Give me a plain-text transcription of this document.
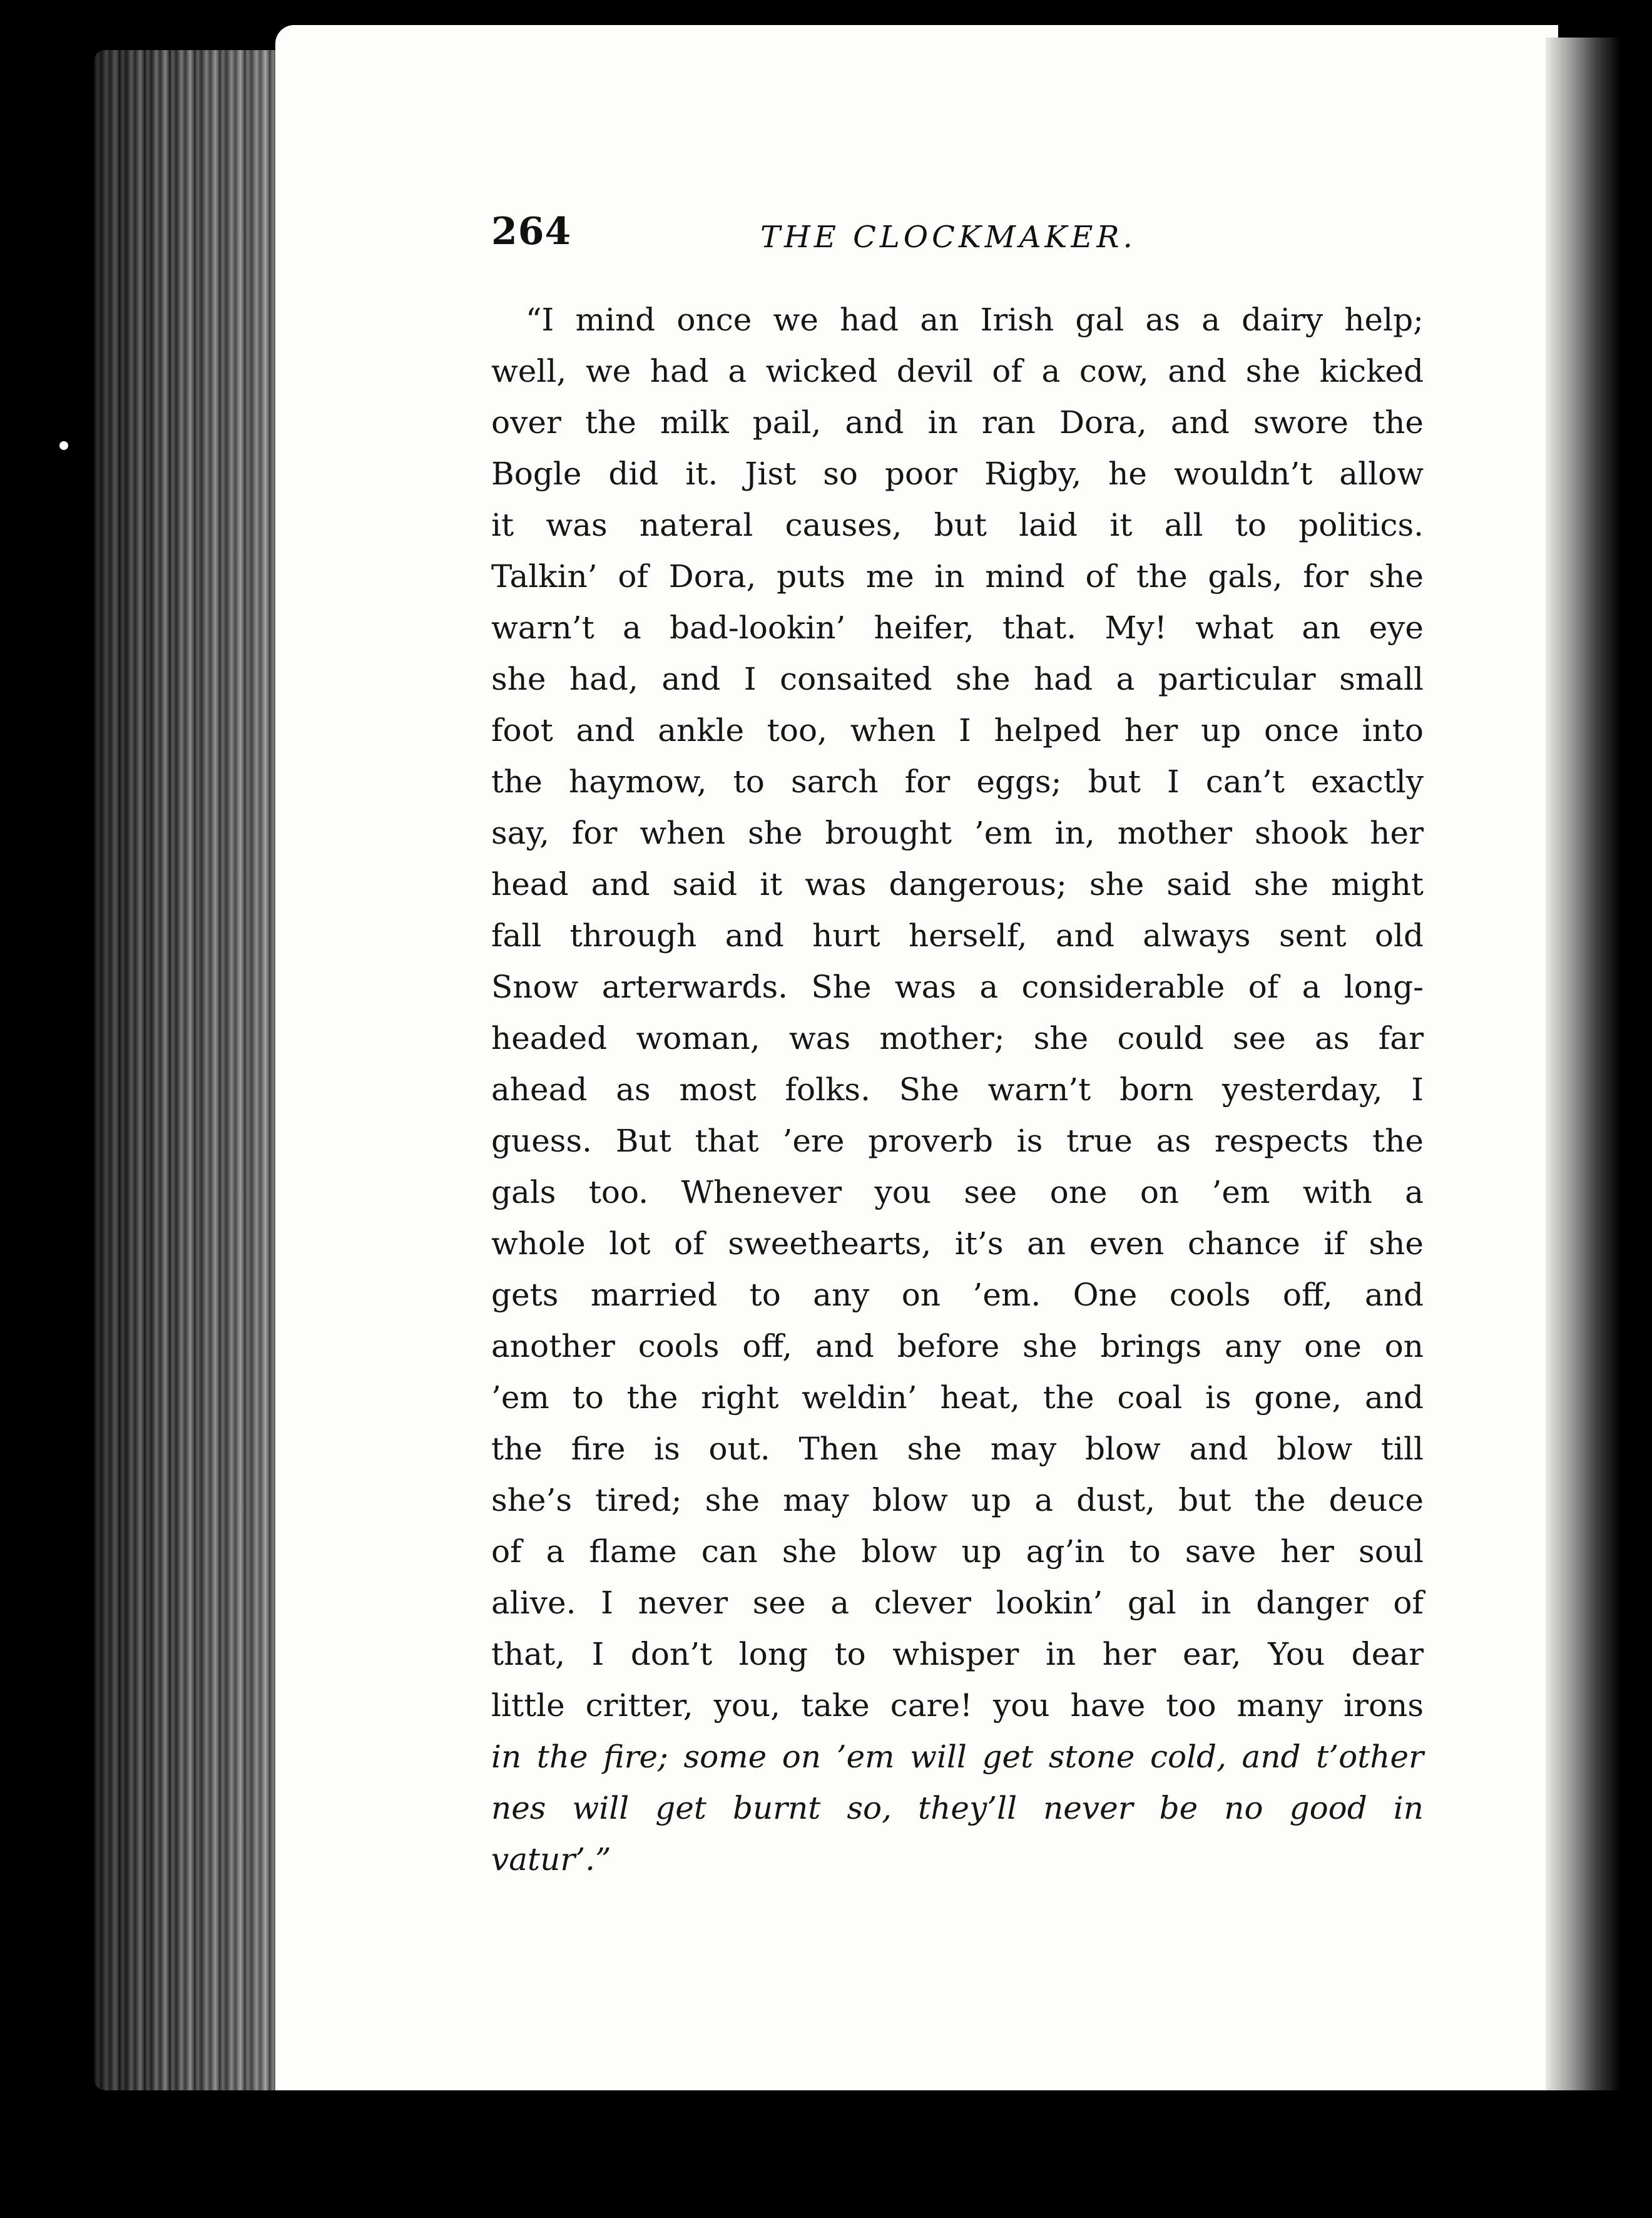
264	THE CLOCKMAKER.
“I mind once we had an Irish gal as a dairy help;
well, we had a wicked devil of a cow, and she kicked
over the milk pail, and in ran Dora, and swore the
Bogle did it. Jist so poor Rigby, he wouldn’t allow
it was nateral causes, but laid it all to politics.
Talkin’ of Dora, puts me in mind of the gals, for she
warn’t a bad-lookin’ heifer, that. My! what an eye
she had, and I consaited she had a particular small
foot and ankle too, when I helped her up once into
the haymow, to sarch for eggs; but I can’t exactly
say, for when she brought ’em in, mother shook her
head and said it was dangerous; she said she might
fall through and hurt herself, and always sent old
Snow arterwards. She was a considerable of a long-
headed woman, was mother; she could see as far
ahead as most folks. She warn’t born yesterday, I
guess. But that ’ere proverb is true as respects the
gals too. Whenever you see one on ’em with a
whole lot of sweethearts, it’s an even chance if she
gets married to any on ’em. One cools off, and
another cools off, and before she brings any one on
’em to the right weldin’ heat, the coal is gone, and
the fire is out. Then she may blow and blow till
she’s tired; she may blow up a dust, but the deuce
of a flame can she blow up ag’in to save her soul
alive. I never see a clever lookin’ gal in danger of
that, I don’t long to whisper in her ear, You dear
little critter, you, take care! you have too many irons
in the fire; some on ’em will get stone cold, and t’other
nes will get burnt so, they’ll never be no good in
vatur’.”
